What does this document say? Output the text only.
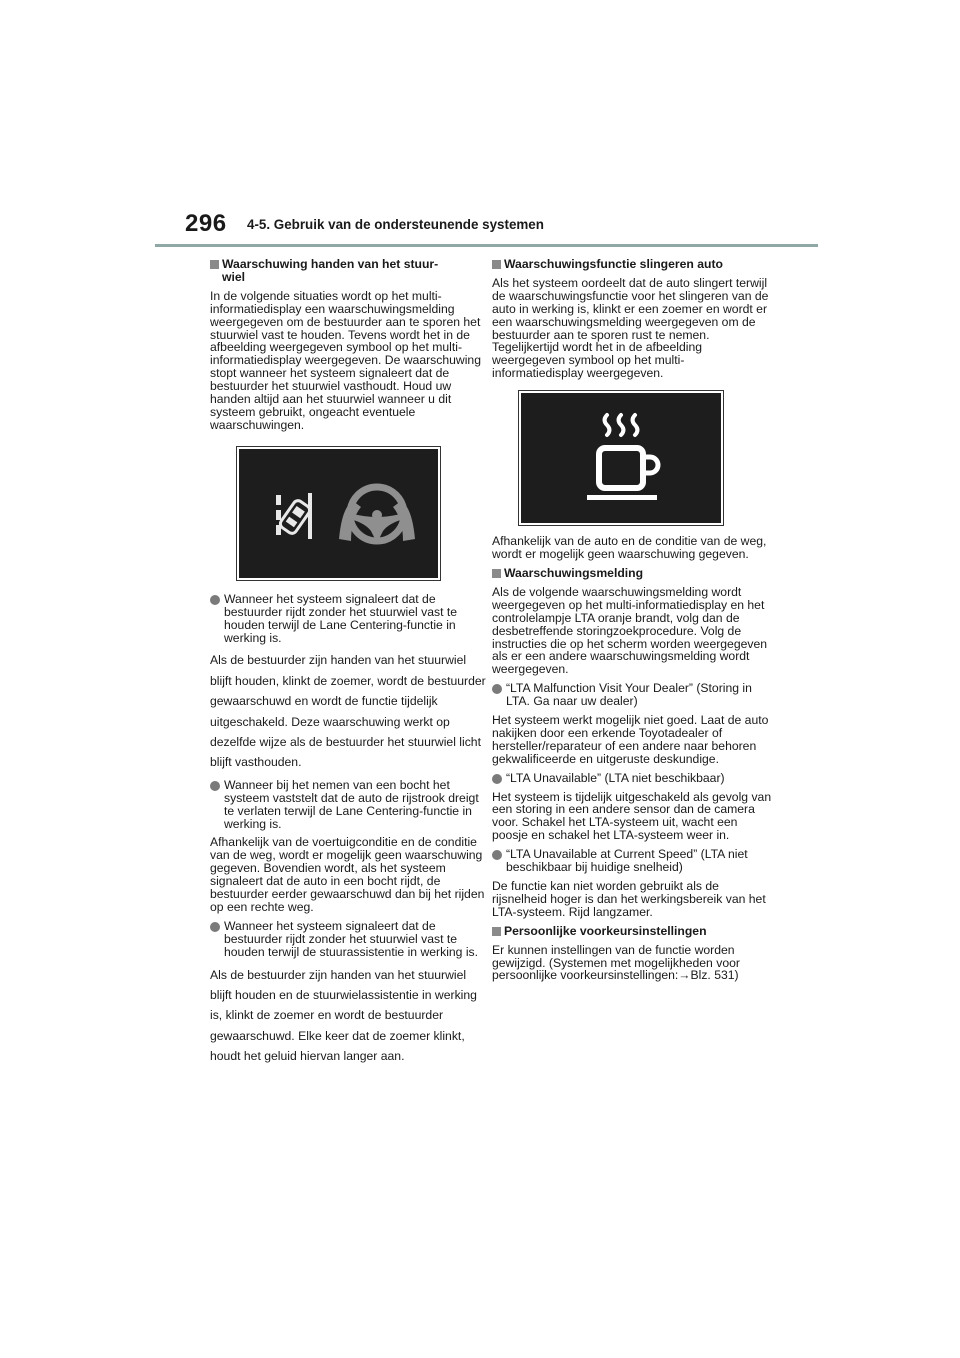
296 4-5. Gebruik van de ondersteunende systemen
Waarschuwing handen van het stuur-
wiel

In de volgende situaties wordt op het multi-informatiedisplay een waarschuwingsmelding weergegeven om de bestuurder aan te sporen het stuurwiel vast te houden. Tevens wordt het in de afbeelding weergegeven symbool op het multi-informatiedisplay weergegeven. De waarschuwing stopt wanneer het systeem signaleert dat de bestuurder het stuurwiel vasthoudt. Houd uw handen altijd aan het stuurwiel wanneer u dit systeem gebruikt, ongeacht eventuele waarschuwingen.

Wanneer het systeem signaleert dat de bestuurder rijdt zonder het stuurwiel vast te houden terwijl de Lane Centering-functie in werking is.

Als de bestuurder zijn handen van het stuurwiel blijft houden, klinkt de zoemer, wordt de bestuurder gewaarschuwd en wordt de functie tijdelijk uitgeschakeld. Deze waarschuwing werkt op dezelfde wijze als de bestuurder het stuurwiel licht blijft vasthouden.

Wanneer bij het nemen van een bocht het systeem vaststelt dat de auto de rijstrook dreigt te verlaten terwijl de Lane Centering-functie in werking is.

Afhankelijk van de voertuigconditie en de conditie van de weg, wordt er mogelijk geen waarschuwing gegeven. Bovendien wordt, als het systeem signaleert dat de auto in een bocht rijdt, de bestuurder eerder gewaarschuwd dan bij het rijden op een rechte weg.

Wanneer het systeem signaleert dat de bestuurder rijdt zonder het stuurwiel vast te houden terwijl de stuurassistentie in werking is.

Als de bestuurder zijn handen van het stuurwiel blijft houden en de stuurwielassistentie in werking is, klinkt de zoemer en wordt de bestuurder gewaarschuwd. Elke keer dat de zoemer klinkt, houdt het geluid hiervan langer aan.

Waarschuwingsfunctie slingeren auto

Als het systeem oordeelt dat de auto slingert terwijl de waarschuwingsfunctie voor het slingeren van de auto in werking is, klinkt er een zoemer en wordt er een waarschuwingsmelding weergegeven om de bestuurder aan te sporen rust te nemen. Tegelijkertijd wordt het in de afbeelding weergegeven symbool op het multi-informatiedisplay weergegeven.

Afhankelijk van de auto en de conditie van de weg, wordt er mogelijk geen waarschuwing gegeven.

Waarschuwingsmelding

Als de volgende waarschuwingsmelding wordt weergegeven op het multi-informatiedisplay en het controlelampje LTA oranje brandt, volg dan de desbetreffende storingzoekprocedure. Volg de instructies die op het scherm worden weergegeven als er een andere waarschuwingsmelding wordt weergegeven.

“LTA Malfunction Visit Your Dealer” (Storing in LTA. Ga naar uw dealer)

Het systeem werkt mogelijk niet goed. Laat de auto nakijken door een erkende Toyotadealer of hersteller/reparateur of een andere naar behoren gekwalificeerde en uitgeruste deskundige.

“LTA Unavailable” (LTA niet beschikbaar)

Het systeem is tijdelijk uitgeschakeld als gevolg van een storing in een andere sensor dan de camera voor. Schakel het LTA-systeem uit, wacht een poosje en schakel het LTA-systeem weer in.

“LTA Unavailable at Current Speed” (LTA niet beschikbaar bij huidige snelheid)

De functie kan niet worden gebruikt als de rijsnelheid hoger is dan het werkingsbereik van het LTA-systeem. Rijd langzamer.

Persoonlijke voorkeursinstellingen

Er kunnen instellingen van de functie worden gewijzigd. (Systemen met mogelijkheden voor persoonlijke voorkeursinstellingen:→Blz. 531)
